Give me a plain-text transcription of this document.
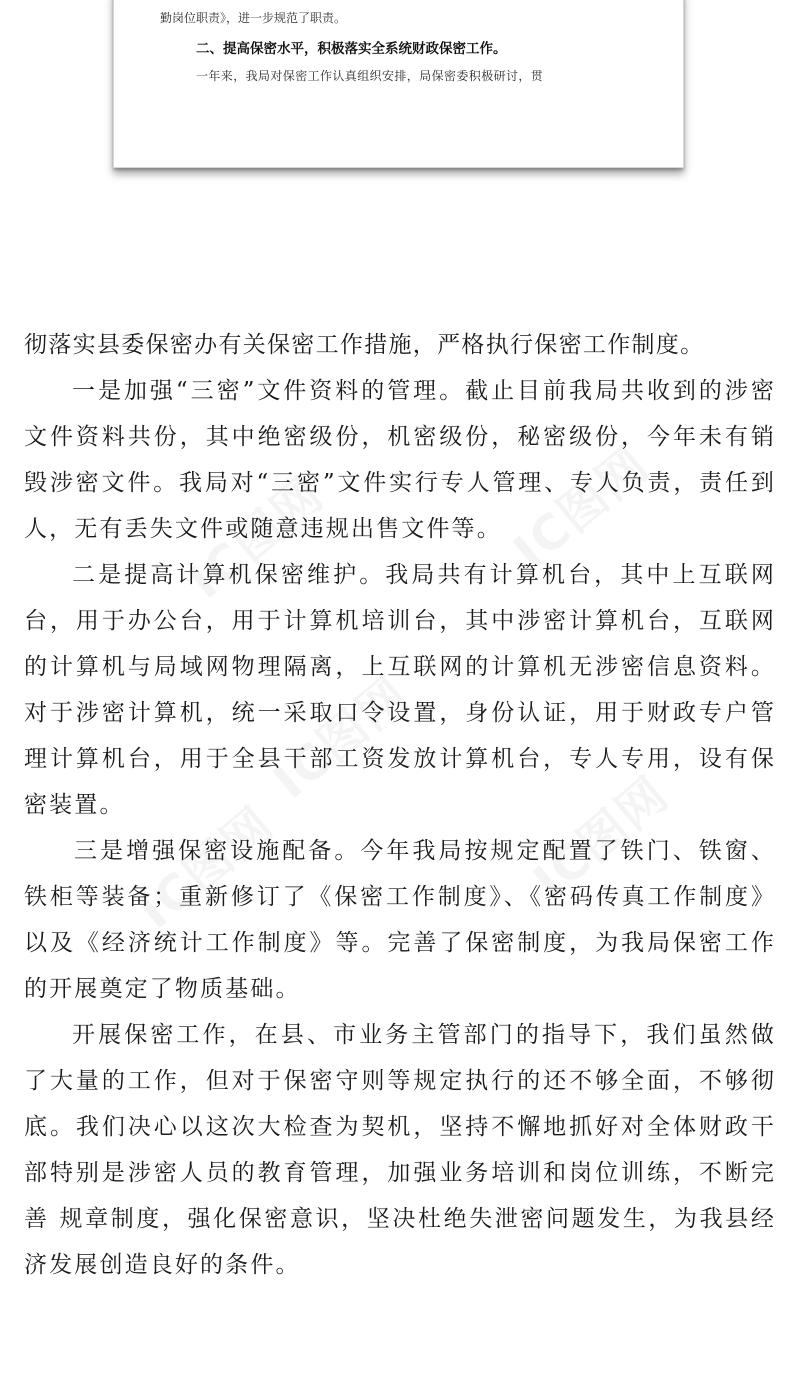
勤岗位职责》，进一步规范了职责。
二、提高保密水平，积极落实全系统财政保密工作。
一年来，我局对保密工作认真组织安排，局保密委积极研讨，贯

彻落实县委保密办有关保密工作措施，严格执行保密工作制度。

一是加强“三密”文件资料的管理。截止目前我局共收到的涉密文件资料共份，其中绝密级份，机密级份，秘密级份，今年未有销毁涉密文件。我局对“三密”文件实行专人管理、专人负责，责任到人，无有丢失文件或随意违规出售文件等。

二是提高计算机保密维护。我局共有计算机台，其中上互联网台，用于办公台，用于计算机培训台，其中涉密计算机台，互联网的计算机与局域网物理隔离，上互联网的计算机无涉密信息资料。对于涉密计算机，统一采取口令设置，身份认证，用于财政专户管理计算机台，用于全县干部工资发放计算机台，专人专用，设有保密装置。

三是增强保密设施配备。今年我局按规定配置了铁门、铁窗、铁柜等装备；重新修订了《保密工作制度》、《密码传真工作制度》以及《经济统计工作制度》等。完善了保密制度，为我局保密工作的开展奠定了物质基础。

开展保密工作，在县、市业务主管部门的指导下，我们虽然做了大量的工作，但对于保密守则等规定执行的还不够全面，不够彻底。我们决心以这次大检查为契机，坚持不懈地抓好对全体财政干部特别是涉密人员的教育管理，加强业务培训和岗位训练，不断完善 规章制度，强化保密意识，坚决杜绝失泄密问题发生，为我县经济发展创造良好的条件。
